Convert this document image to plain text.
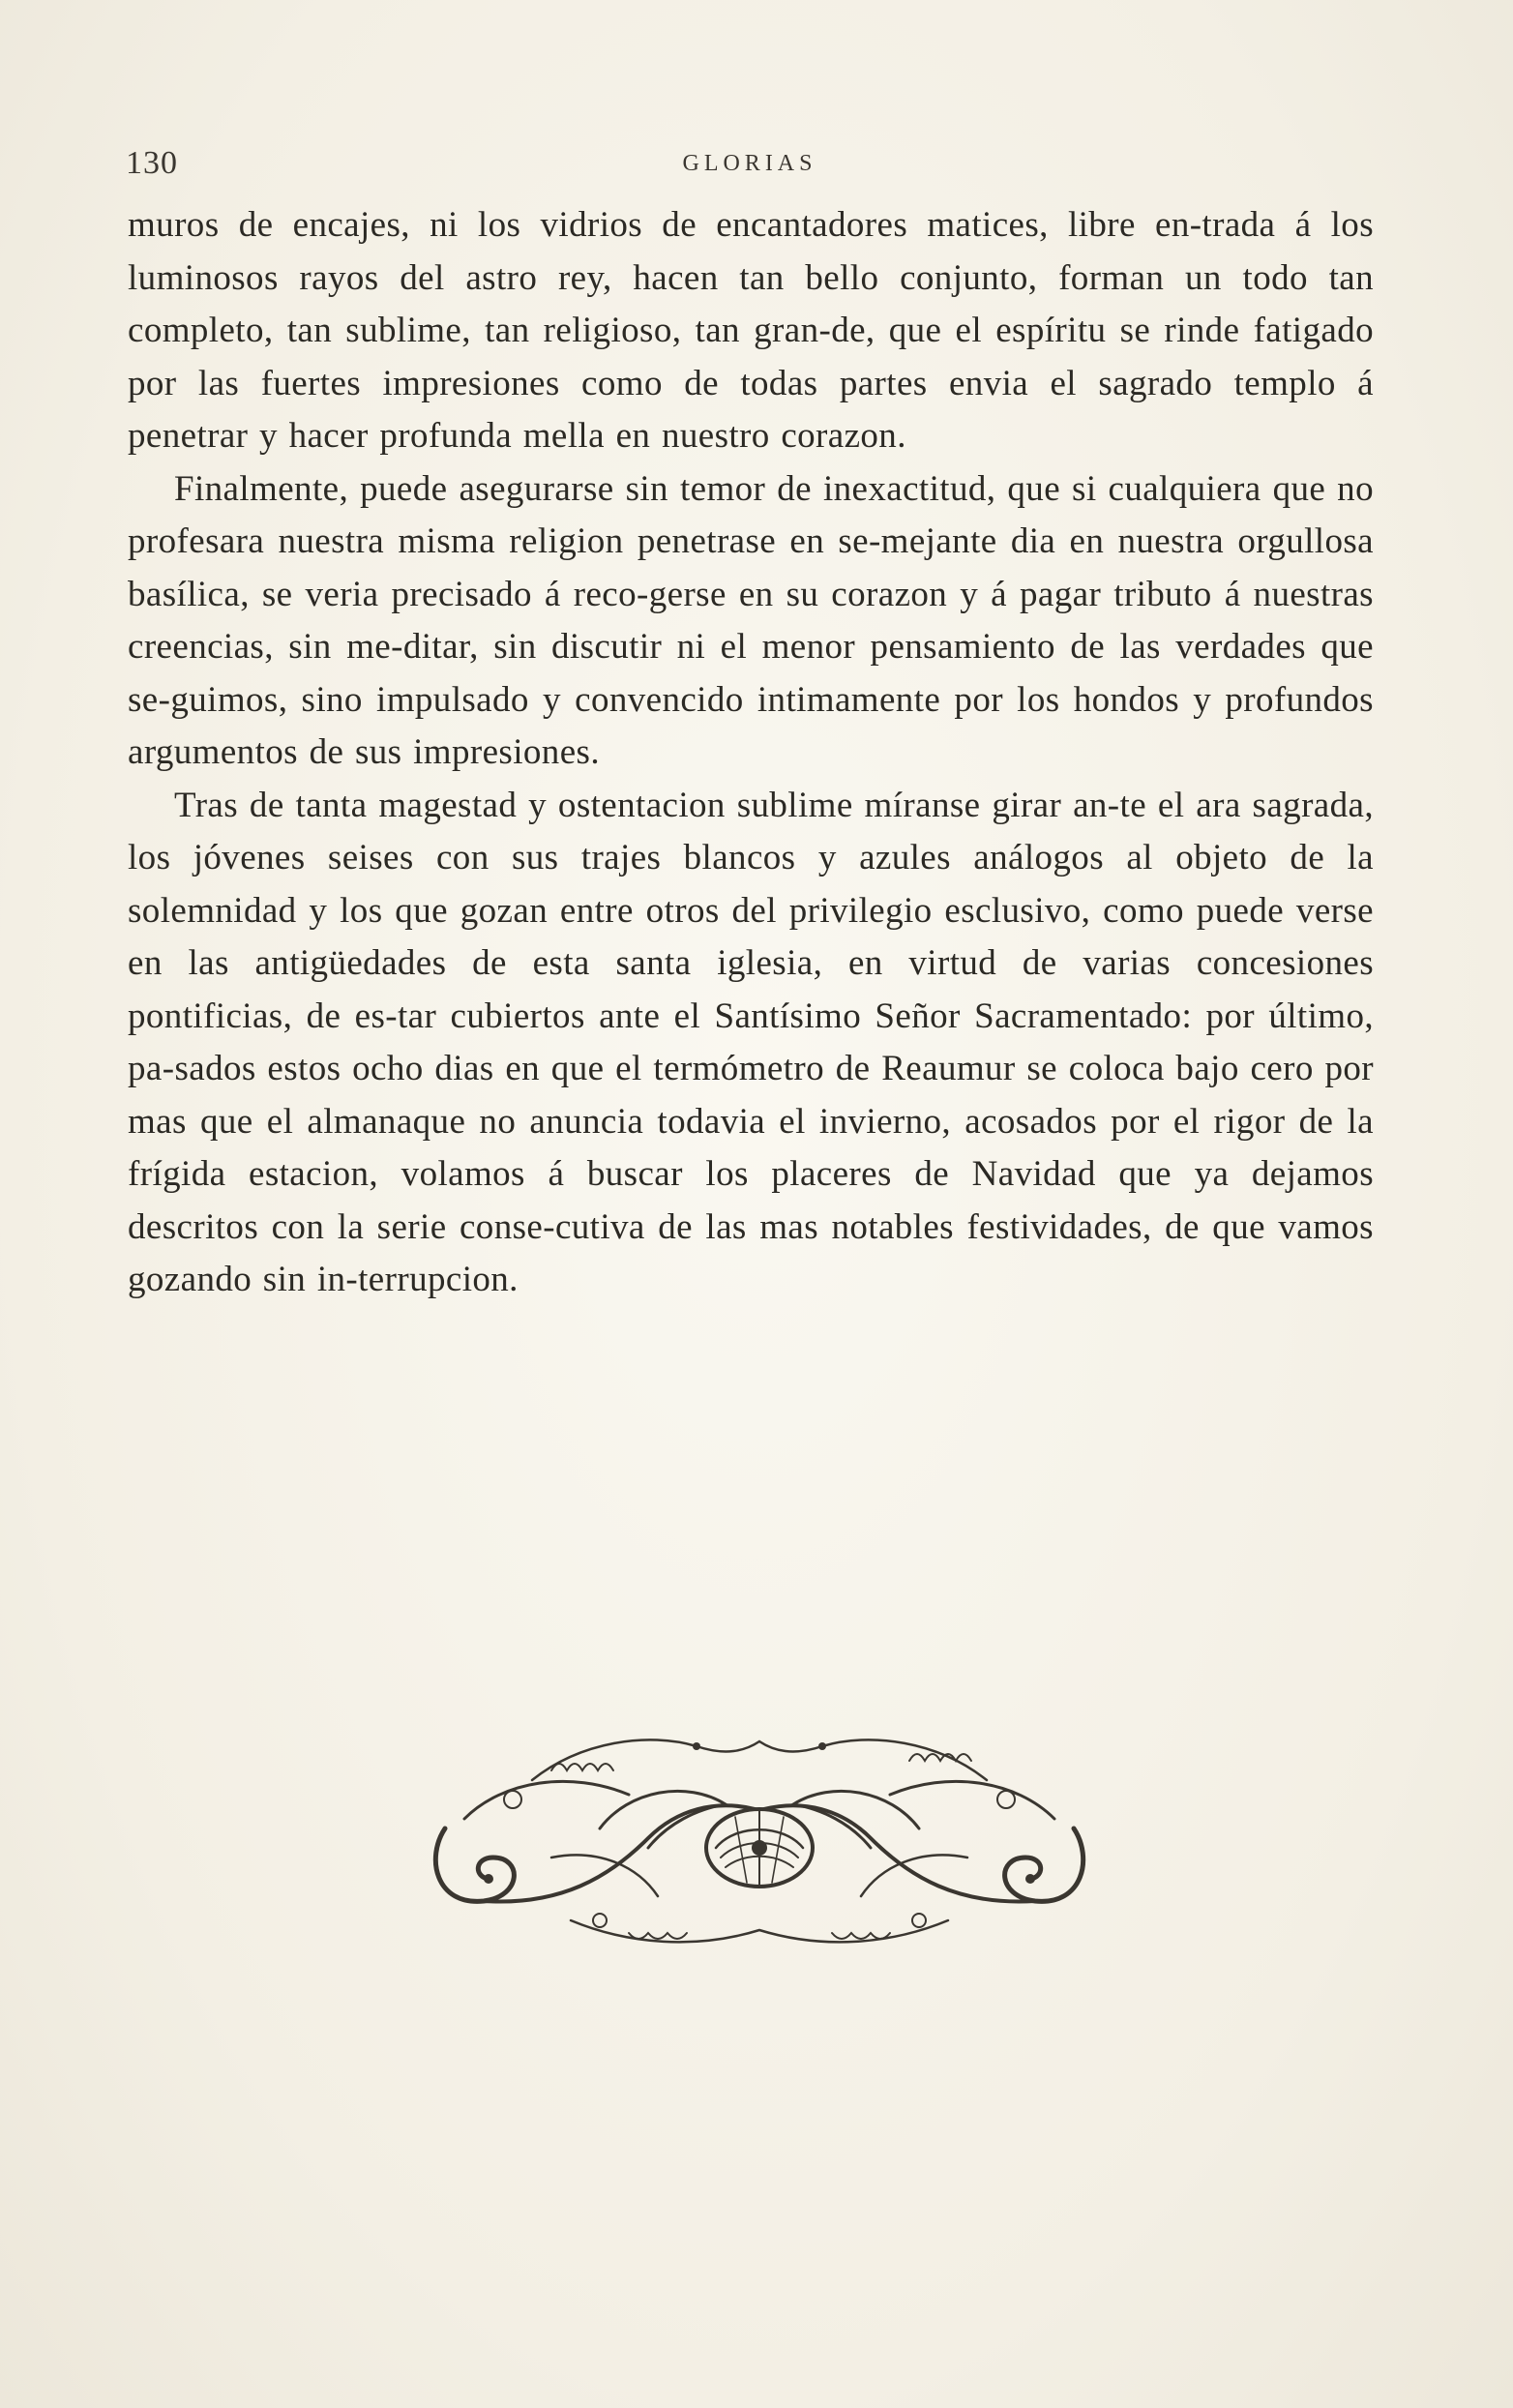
130	GLORIAS

muros de encajes, ni los vidrios de encantadores matices, libre en-trada á los luminosos rayos del astro rey, hacen tan bello conjunto, forman un todo tan completo, tan sublime, tan religioso, tan gran-de, que el espíritu se rinde fatigado por las fuertes impresiones como de todas partes envia el sagrado templo á penetrar y hacer profunda mella en nuestro corazon.

Finalmente, puede asegurarse sin temor de inexactitud, que si cualquiera que no profesara nuestra misma religion penetrase en se-mejante dia en nuestra orgullosa basílica, se veria precisado á reco-gerse en su corazon y á pagar tributo á nuestras creencias, sin me-ditar, sin discutir ni el menor pensamiento de las verdades que se-guimos, sino impulsado y convencido intimamente por los hondos y profundos argumentos de sus impresiones.

Tras de tanta magestad y ostentacion sublime míranse girar an-te el ara sagrada, los jóvenes seises con sus trajes blancos y azules análogos al objeto de la solemnidad y los que gozan entre otros del privilegio esclusivo, como puede verse en las antigüedades de esta santa iglesia, en virtud de varias concesiones pontificias, de es-tar cubiertos ante el Santísimo Señor Sacramentado: por último, pa-sados estos ocho dias en que el termómetro de Reaumur se coloca bajo cero por mas que el almanaque no anuncia todavia el invierno, acosados por el rigor de la frígida estacion, volamos á buscar los placeres de Navidad que ya dejamos descritos con la serie conse-cutiva de las mas notables festividades, de que vamos gozando sin in-terrupcion.
